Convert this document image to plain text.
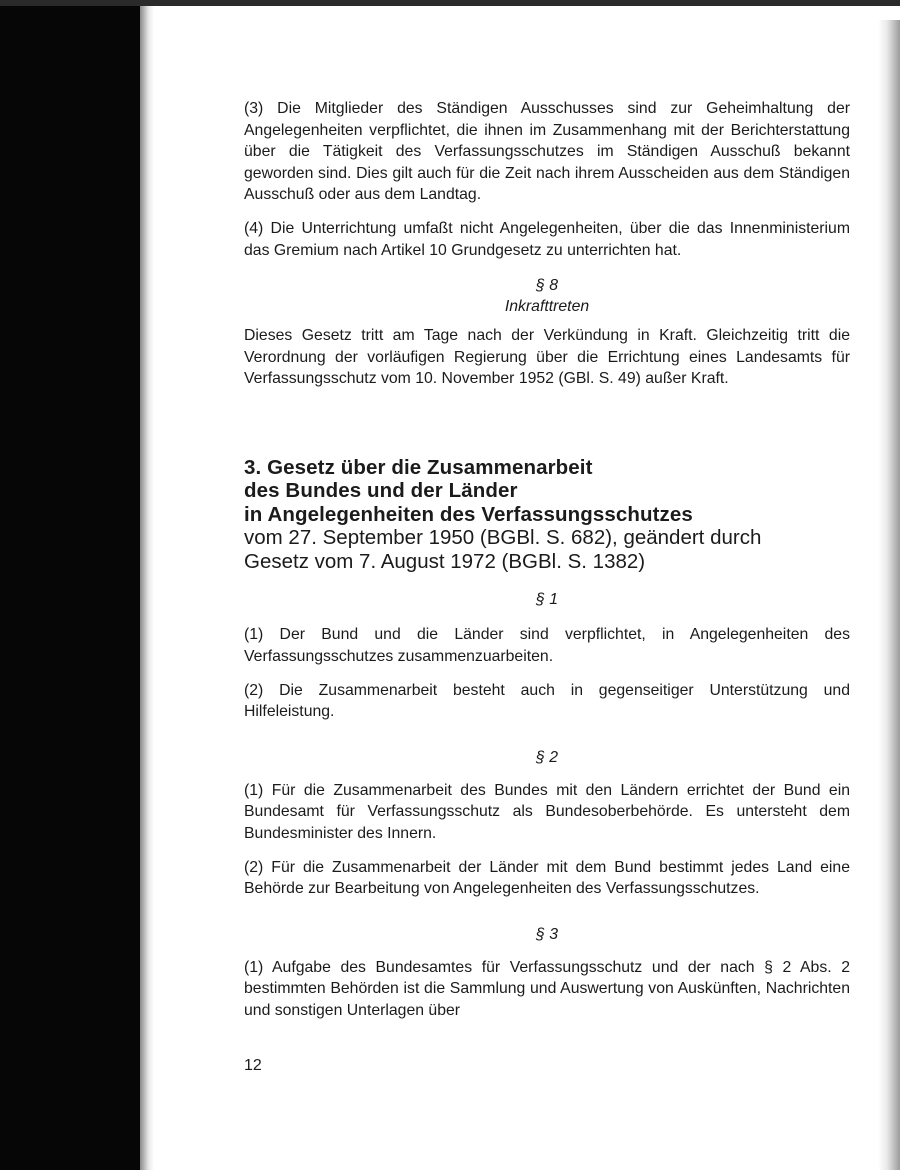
(3) Die Mitglieder des Ständigen Ausschusses sind zur Geheimhaltung der Angelegenheiten verpflichtet, die ihnen im Zusammenhang mit der Berichterstattung über die Tätigkeit des Verfassungsschutzes im Ständigen Ausschuß bekannt geworden sind. Dies gilt auch für die Zeit nach ihrem Ausscheiden aus dem Ständigen Ausschuß oder aus dem Landtag.

(4) Die Unterrichtung umfaßt nicht Angelegenheiten, über die das Innenministerium das Gremium nach Artikel 10 Grundgesetz zu unterrichten hat.

§ 8

Inkrafttreten

Dieses Gesetz tritt am Tage nach der Verkündung in Kraft. Gleichzeitig tritt die Verordnung der vorläufigen Regierung über die Errichtung eines Landesamts für Verfassungsschutz vom 10. November 1952 (GBl. S. 49) außer Kraft.

3. Gesetz über die Zusammenarbeit

des Bundes und der Länder

in Angelegenheiten des Verfassungsschutzes

vom 27. September 1950 (BGBl. S. 682), geändert durch

Gesetz vom 7. August 1972 (BGBl. S. 1382)

§ 1

(1) Der Bund und die Länder sind verpflichtet, in Angelegenheiten des Verfassungsschutzes zusammenzuarbeiten.

(2) Die Zusammenarbeit besteht auch in gegenseitiger Unterstützung und Hilfeleistung.

§ 2

(1) Für die Zusammenarbeit des Bundes mit den Ländern errichtet der Bund ein Bundesamt für Verfassungsschutz als Bundesoberbehörde. Es untersteht dem Bundesminister des Innern.

(2) Für die Zusammenarbeit der Länder mit dem Bund bestimmt jedes Land eine Behörde zur Bearbeitung von Angelegenheiten des Verfassungsschutzes.

§ 3

(1) Aufgabe des Bundesamtes für Verfassungsschutz und der nach § 2 Abs. 2 bestimmten Behörden ist die Sammlung und Auswertung von Auskünften, Nachrichten und sonstigen Unterlagen über

12
